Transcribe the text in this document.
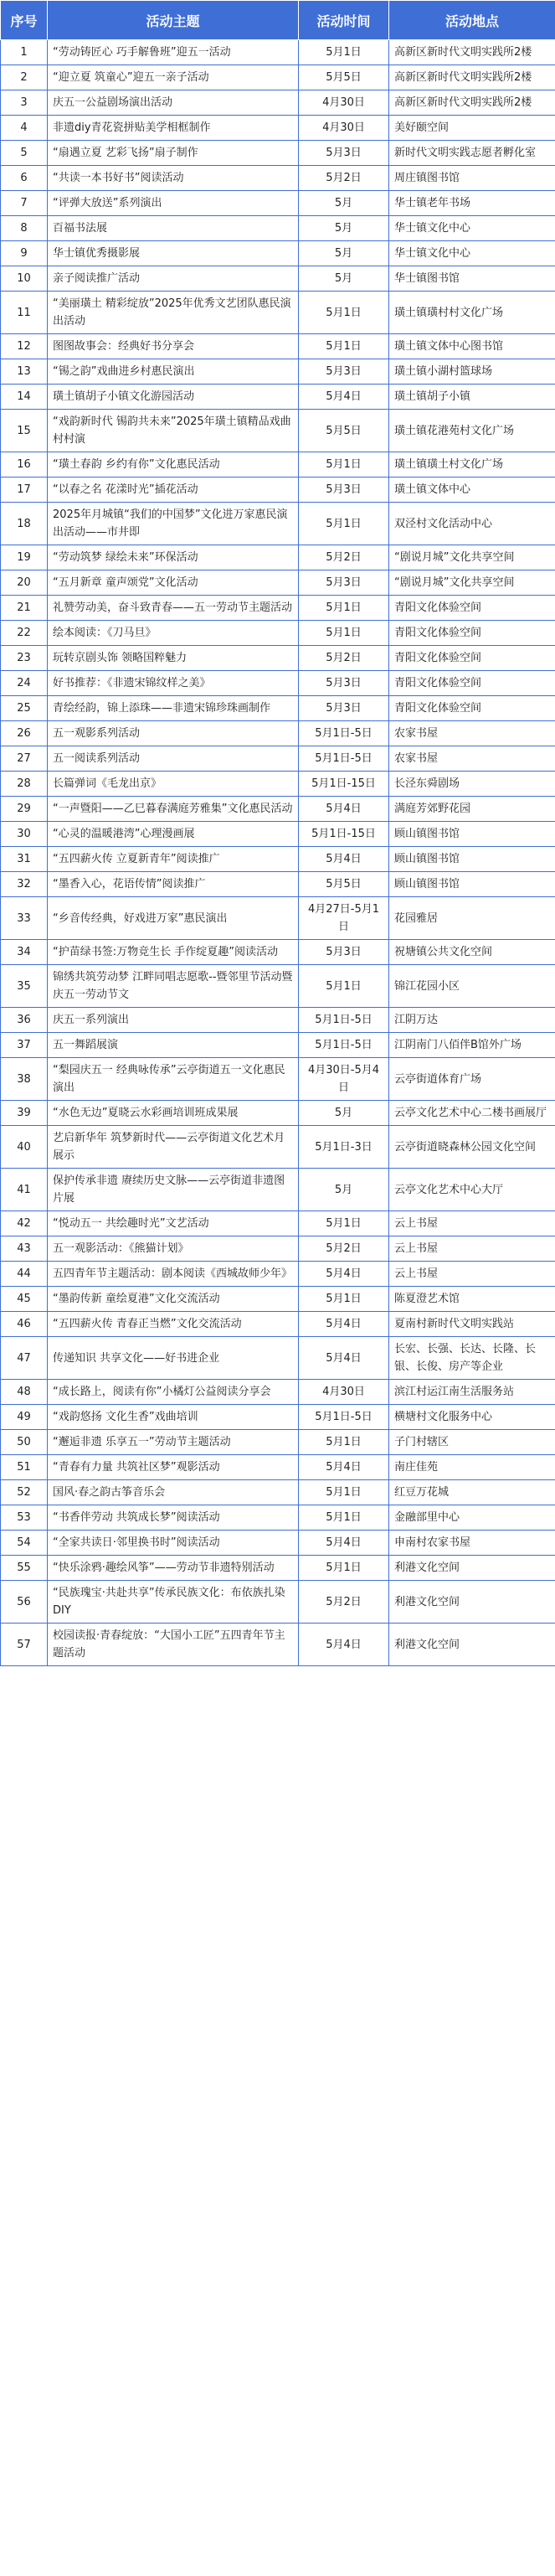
序号	活动主题	活动时间	活动地点
1	“劳动铸匠心 巧手解鲁班”迎五一活动	5月1日	高新区新时代文明实践所2楼
2	“迎立夏 筑童心”迎五一亲子活动	5月5日	高新区新时代文明实践所2楼
3	庆五一公益剧场演出活动	4月30日	高新区新时代文明实践所2楼
4	非遗diy青花瓷拼贴美学相框制作	4月30日	美好颐空间
5	“扇遇立夏 艺彩飞扬”扇子制作	5月3日	新时代文明实践志愿者孵化室
6	“共读一本书好书”阅读活动	5月2日	周庄镇图书馆
7	“评弹大放送”系列演出	5月	华士镇老年书场
8	百福书法展	5月	华士镇文化中心
9	华士镇优秀摄影展	5月	华士镇文化中心
10	亲子阅读推广活动	5月	华士镇图书馆
11	“美丽璜土 精彩绽放”2025年优秀文艺团队惠民演出活动	5月1日	璜土镇璜村村文化广场
12	图图故事会：经典好书分享会	5月1日	璜土镇文体中心图书馆
13	“锡之韵”戏曲进乡村惠民演出	5月3日	璜土镇小湖村篮球场
14	璜土镇胡子小镇文化游园活动	5月4日	璜土镇胡子小镇
15	“戏韵新时代 锡韵共未来”2025年璜土镇精品戏曲村村演	5月5日	璜土镇花港苑村文化广场
16	“璜土春韵 乡约有你”文化惠民活动	5月1日	璜土镇璜土村文化广场
17	“以春之名 花漾时光”插花活动	5月3日	璜土镇文体中心
18	2025年月城镇“我们的中国梦”文化进万家惠民演出活动——市井即	5月1日	双泾村文化活动中心
19	“劳动筑梦 绿绘未来”环保活动	5月2日	“剧说月城”文化共享空间
20	“五月新章 童声颂党”文化活动	5月3日	“剧说月城”文化共享空间
21	礼赞劳动美，奋斗致青春——五一劳动节主题活动	5月1日	青阳文化体验空间
22	绘本阅读：《刀马旦》	5月1日	青阳文化体验空间
23	玩转京剧头饰 领略国粹魅力	5月2日	青阳文化体验空间
24	好书推荐：《非遗宋锦纹样之美》	5月3日	青阳文化体验空间
25	青绘经韵，锦上添珠——非遗宋锦珍珠画制作	5月3日	青阳文化体验空间
26	五一观影系列活动	5月1日-5日	农家书屋
27	五一阅读系列活动	5月1日-5日	农家书屋
28	长篇弹词《毛龙出京》	5月1日-15日	长泾东舜剧场
29	“一声暨阳——乙巳暮春满庭芳雅集”文化惠民活动	5月4日	满庭芳郊野花园
30	“心灵的温暖港湾”心理漫画展	5月1日-15日	顾山镇图书馆
31	“五四薪火传 立夏新青年”阅读推广	5月4日	顾山镇图书馆
32	“墨香入心，花语传情”阅读推广	5月5日	顾山镇图书馆
33	“乡音传经典，好戏进万家”惠民演出	4月27日-5月1日	花园雅居
34	“护苗绿书签:万物竞生长 手作绽夏趣”阅读活动	5月3日	祝塘镇公共文化空间
35	锦绣共筑劳动梦 江畔同唱志愿歌--暨邻里节活动暨庆五一劳动节文	5月1日	锦江花园小区
36	庆五一系列演出	5月1日-5日	江阴万达
37	五一舞蹈展演	5月1日-5日	江阴南门八佰伴B馆外广场
38	“梨园庆五一 经典咏传承”云亭街道五一文化惠民演出	4月30日-5月4日	云亭街道体育广场
39	“水色无边”夏晓云水彩画培训班成果展	5月	云亭文化艺术中心二楼书画展厅
40	艺启新华年 筑梦新时代——云亭街道文化艺术月展示	5月1日-3日	云亭街道晓森林公园文化空间
41	保护传承非遗 赓续历史文脉——云亭街道非遗图片展	5月	云亭文化艺术中心大厅
42	“悦动五一 共绘趣时光”文艺活动	5月1日	云上书屋
43	五一观影活动：《熊猫计划》	5月2日	云上书屋
44	五四青年节主题活动：剧本阅读《西城故师少年》	5月4日	云上书屋
45	“墨韵传新 童绘夏港”文化交流活动	5月1日	陈夏澄艺术馆
46	“五四薪火传 青春正当燃”文化交流活动	5月4日	夏南村新时代文明实践站
47	传递知识 共享文化——好书进企业	5月4日	长宏、长强、长达、长隆、长银、长俊、房产等企业
48	“成长路上，阅读有你”小橘灯公益阅读分享会	4月30日	滨江村运江南生活服务站
49	“戏韵悠扬 文化生香”戏曲培训	5月1日-5日	横塘村文化服务中心
50	“邂逅非遗 乐享五一”劳动节主题活动	5月1日	子门村辖区
51	“青春有力量 共筑社区梦”观影活动	5月4日	南庄佳苑
52	国风·春之韵古筝音乐会	5月1日	红豆万花城
53	“书香伴劳动 共筑成长梦”阅读活动	5月1日	金融部里中心
54	“全家共读日·邻里换书时”阅读活动	5月4日	申南村农家书屋
55	“快乐涂鸦·趣绘风筝”——劳动节非遗特别活动	5月1日	利港文化空间
56	“民族瑰宝·共赴共享”传承民族文化：布依族扎染DIY	5月2日	利港文化空间
57	校园读报·青春绽放：“大国小工匠”五四青年节主题活动	5月4日	利港文化空间
